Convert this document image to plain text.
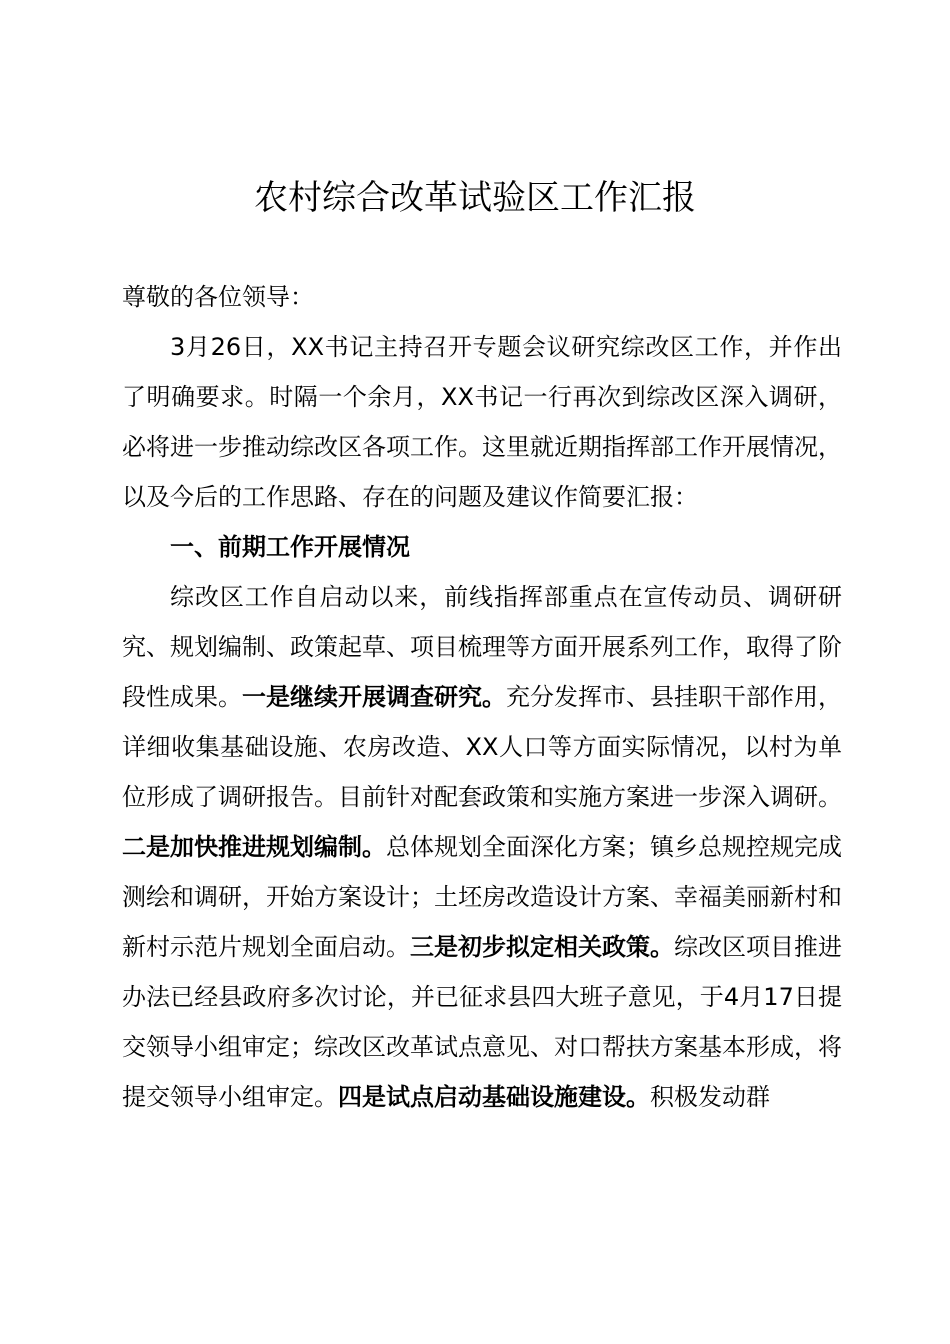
农村综合改革试验区工作汇报

尊敬的各位领导：

3月26日，XX书记主持召开专题会议研究综改区工作，并作出了明确要求。时隔一个余月，XX书记一行再次到综改区深入调研，必将进一步推动综改区各项工作。这里就近期指挥部工作开展情况，以及今后的工作思路、存在的问题及建议作简要汇报：

一、前期工作开展情况

综改区工作自启动以来，前线指挥部重点在宣传动员、调研研究、规划编制、政策起草、项目梳理等方面开展系列工作，取得了阶段性成果。一是继续开展调查研究。充分发挥市、县挂职干部作用，详细收集基础设施、农房改造、XX人口等方面实际情况，以村为单位形成了调研报告。目前针对配套政策和实施方案进一步深入调研。二是加快推进规划编制。总体规划全面深化方案；镇乡总规控规完成测绘和调研，开始方案设计；土坯房改造设计方案、幸福美丽新村和新村示范片规划全面启动。三是初步拟定相关政策。综改区项目推进办法已经县政府多次讨论，并已征求县四大班子意见，于4月17日提交领导小组审定；综改区改革试点意见、对口帮扶方案基本形成，将提交领导小组审定。四是试点启动基础设施建设。积极发动群
